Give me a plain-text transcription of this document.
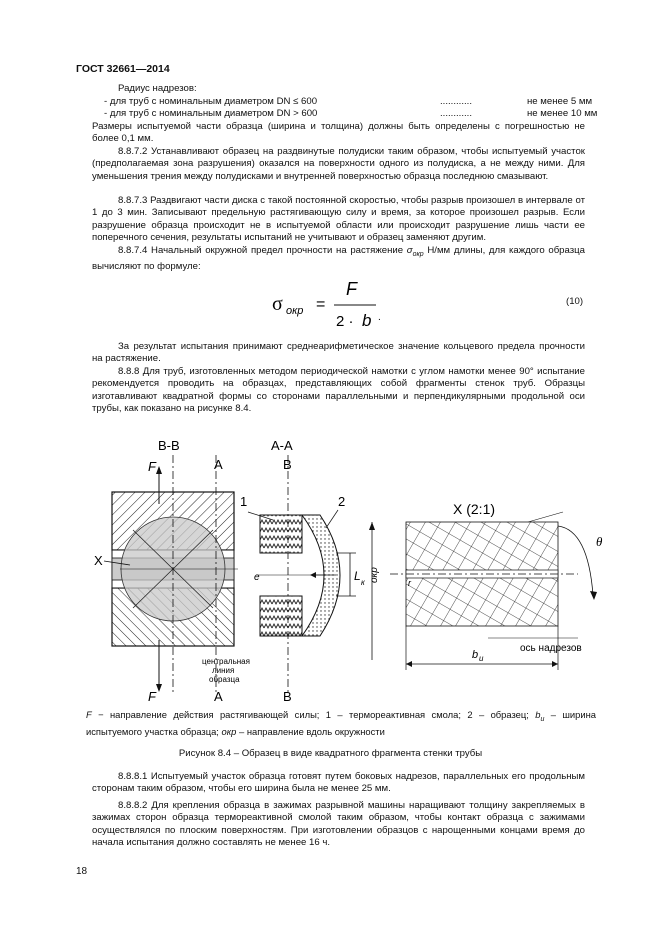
ГОСТ 32661—2014

Радиус надрезов:

- для труб с номинальным диаметром DN ≤ 600	............	не менее 5 мм
- для труб с номинальным диаметром DN > 600	............	не менее 10 мм

Размеры испытуемой части образца (ширина и толщина) должны быть определены с погрешностью не более 0,1 мм.

8.8.7.2 Устанавливают образец на раздвинутые полудиски таким образом, чтобы испытуемый участок (предполагаемая зона разрушения) оказался на поверхности одного из полудиска, а не между ними. Для уменьшения трения между полудисками и внутренней поверхностью образца последнюю смазывают.

8.8.7.3 Раздвигают части диска с такой постоянной скоростью, чтобы разрыв произошел в интервале от 1 до 3 мин. Записывают предельную растягивающую силу и время, за которое произошел разрыв. Если разрушение образца происходит не в испытуемой области или происходит разрушение лишь части ее поперечного сечения, результаты испытаний не учитывают и образец заменяют другим.

8.8.7.4 Начальный окружной предел прочности на растяжение $\sigma_{окр}$ Н/мм длины, для каждого образца вычисляют по формуле:

σ окр =
F
2 · b .
(10)

За результат испытания принимают среднеарифметическое значение кольцевого предела прочности на растяжение.

8.8.8 Для труб, изготовленных методом периодической намотки с углом намотки менее 90° испытание рекомендуется проводить на образцах, представляющих собой фрагменты стенок труб. Образцы изготавливают квадратной формы со сторонами параллельными и перпендикулярными продольной оси трубы, как показано на рисунке 8.4.

В-В
А
А
F
F
Х
А-А
В
В
1	2
е	L к
центральная
линия
образца
Х (2:1)
θ
окр
b u
ось надрезов
r
F − направление действия растягивающей силы; 1 – термореактивная смола; 2 – образец; $b_u$ – ширина испытуемого участка образца; окр – направление вдоль окружности
Рисунок 8.4 – Образец в виде квадратного фрагмента стенки трубы

8.8.8.1 Испытуемый участок образца готовят путем боковых надрезов, параллельных его продольным сторонам таким образом, чтобы его ширина была не менее 25 мм.

8.8.8.2 Для крепления образца в зажимах разрывной машины наращивают толщину закрепляемых в зажимах сторон образца термореактивной смолой таким образом, чтобы контакт образца с зажимами осуществлялся по плоским поверхностям. При изготовлении образцов с нарощенными концами время до начала испытания должно составлять не менее 16 ч.

18
